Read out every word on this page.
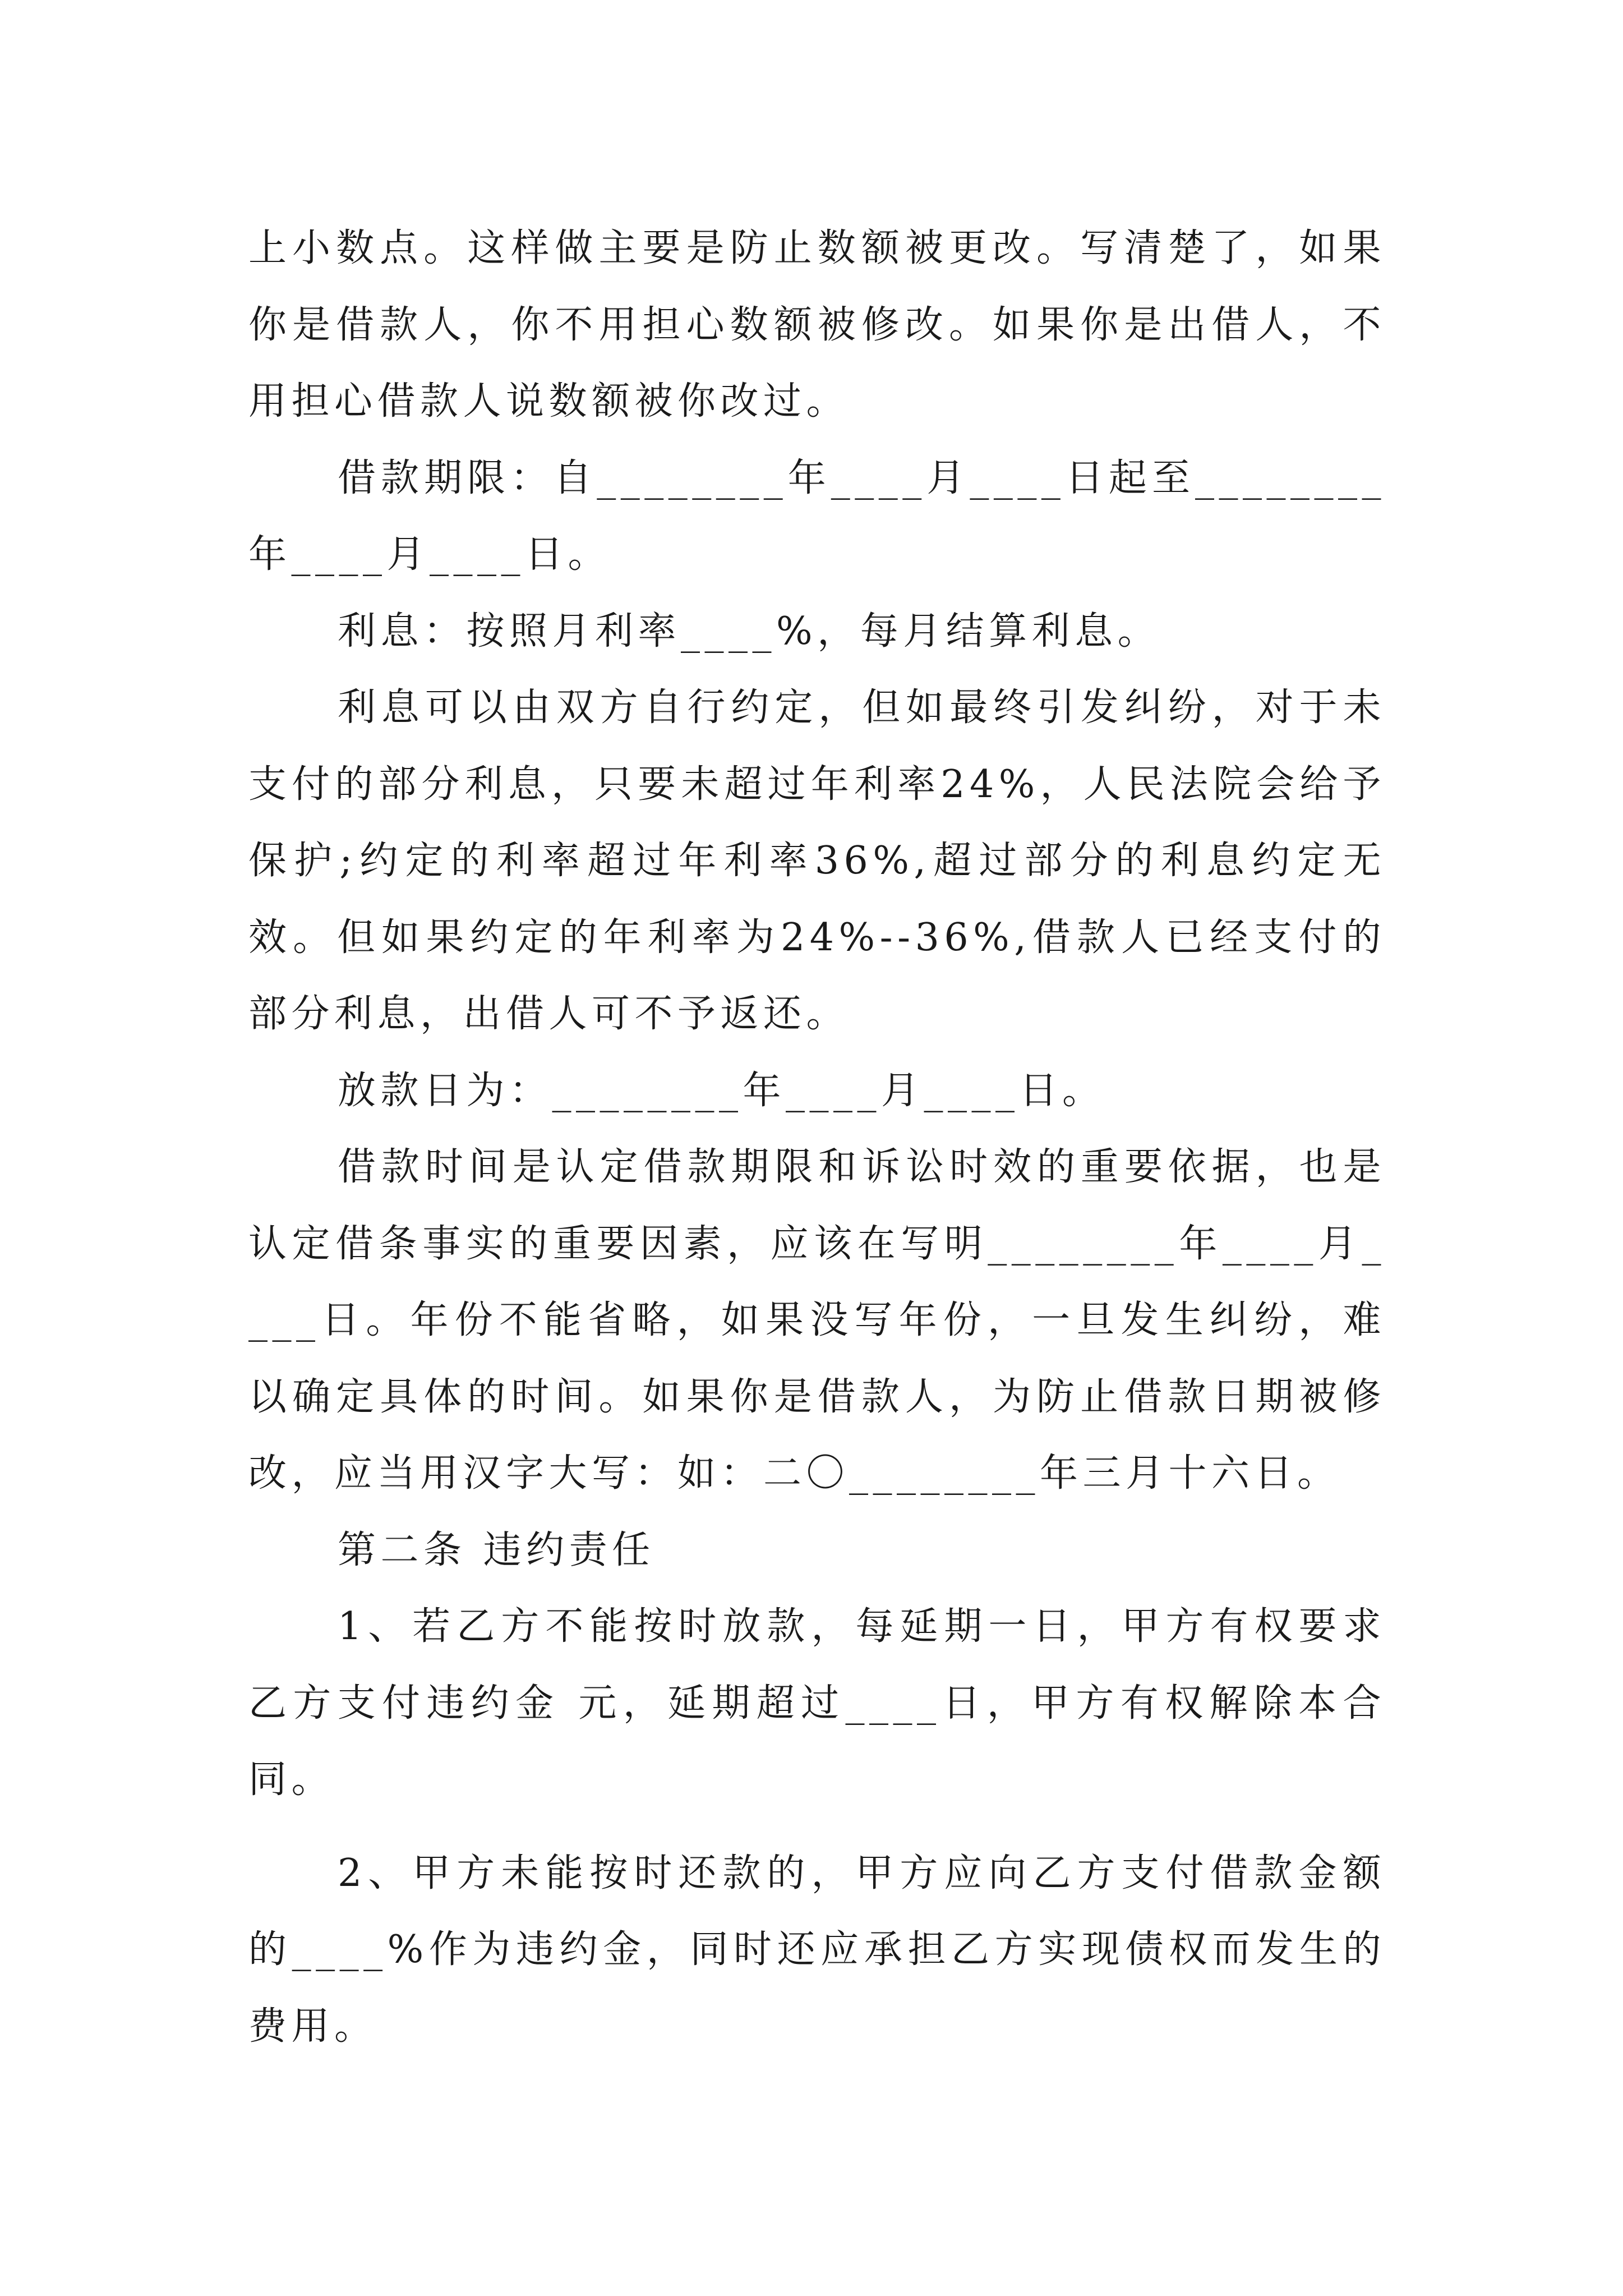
上小数点。这样做主要是防止数额被更改。写清楚了，如果你是借款人，你不用担心数额被修改。如果你是出借人，不用担心借款人说数额被你改过。

借款期限：自________年____月____日起至________年____月____日。

利息：按照月利率____%，每月结算利息。

利息可以由双方自行约定，但如最终引发纠纷，对于未支付的部分利息，只要未超过年利率24%，人民法院会给予保护;约定的利率超过年利率36%,超过部分的利息约定无效。但如果约定的年利率为24%--36%,借款人已经支付的部分利息，出借人可不予返还。

放款日为：________年____月____日。

借款时间是认定借款期限和诉讼时效的重要依据，也是认定借条事实的重要因素，应该在写明________年____月____日。年份不能省略，如果没写年份，一旦发生纠纷，难以确定具体的时间。如果你是借款人，为防止借款日期被修改，应当用汉字大写：如：二〇________年三月十六日。

第二条 违约责任

1、若乙方不能按时放款，每延期一日，甲方有权要求乙方支付违约金 元，延期超过____日，甲方有权解除本合同。

2、甲方未能按时还款的，甲方应向乙方支付借款金额的____%作为违约金，同时还应承担乙方实现债权而发生的费用。
